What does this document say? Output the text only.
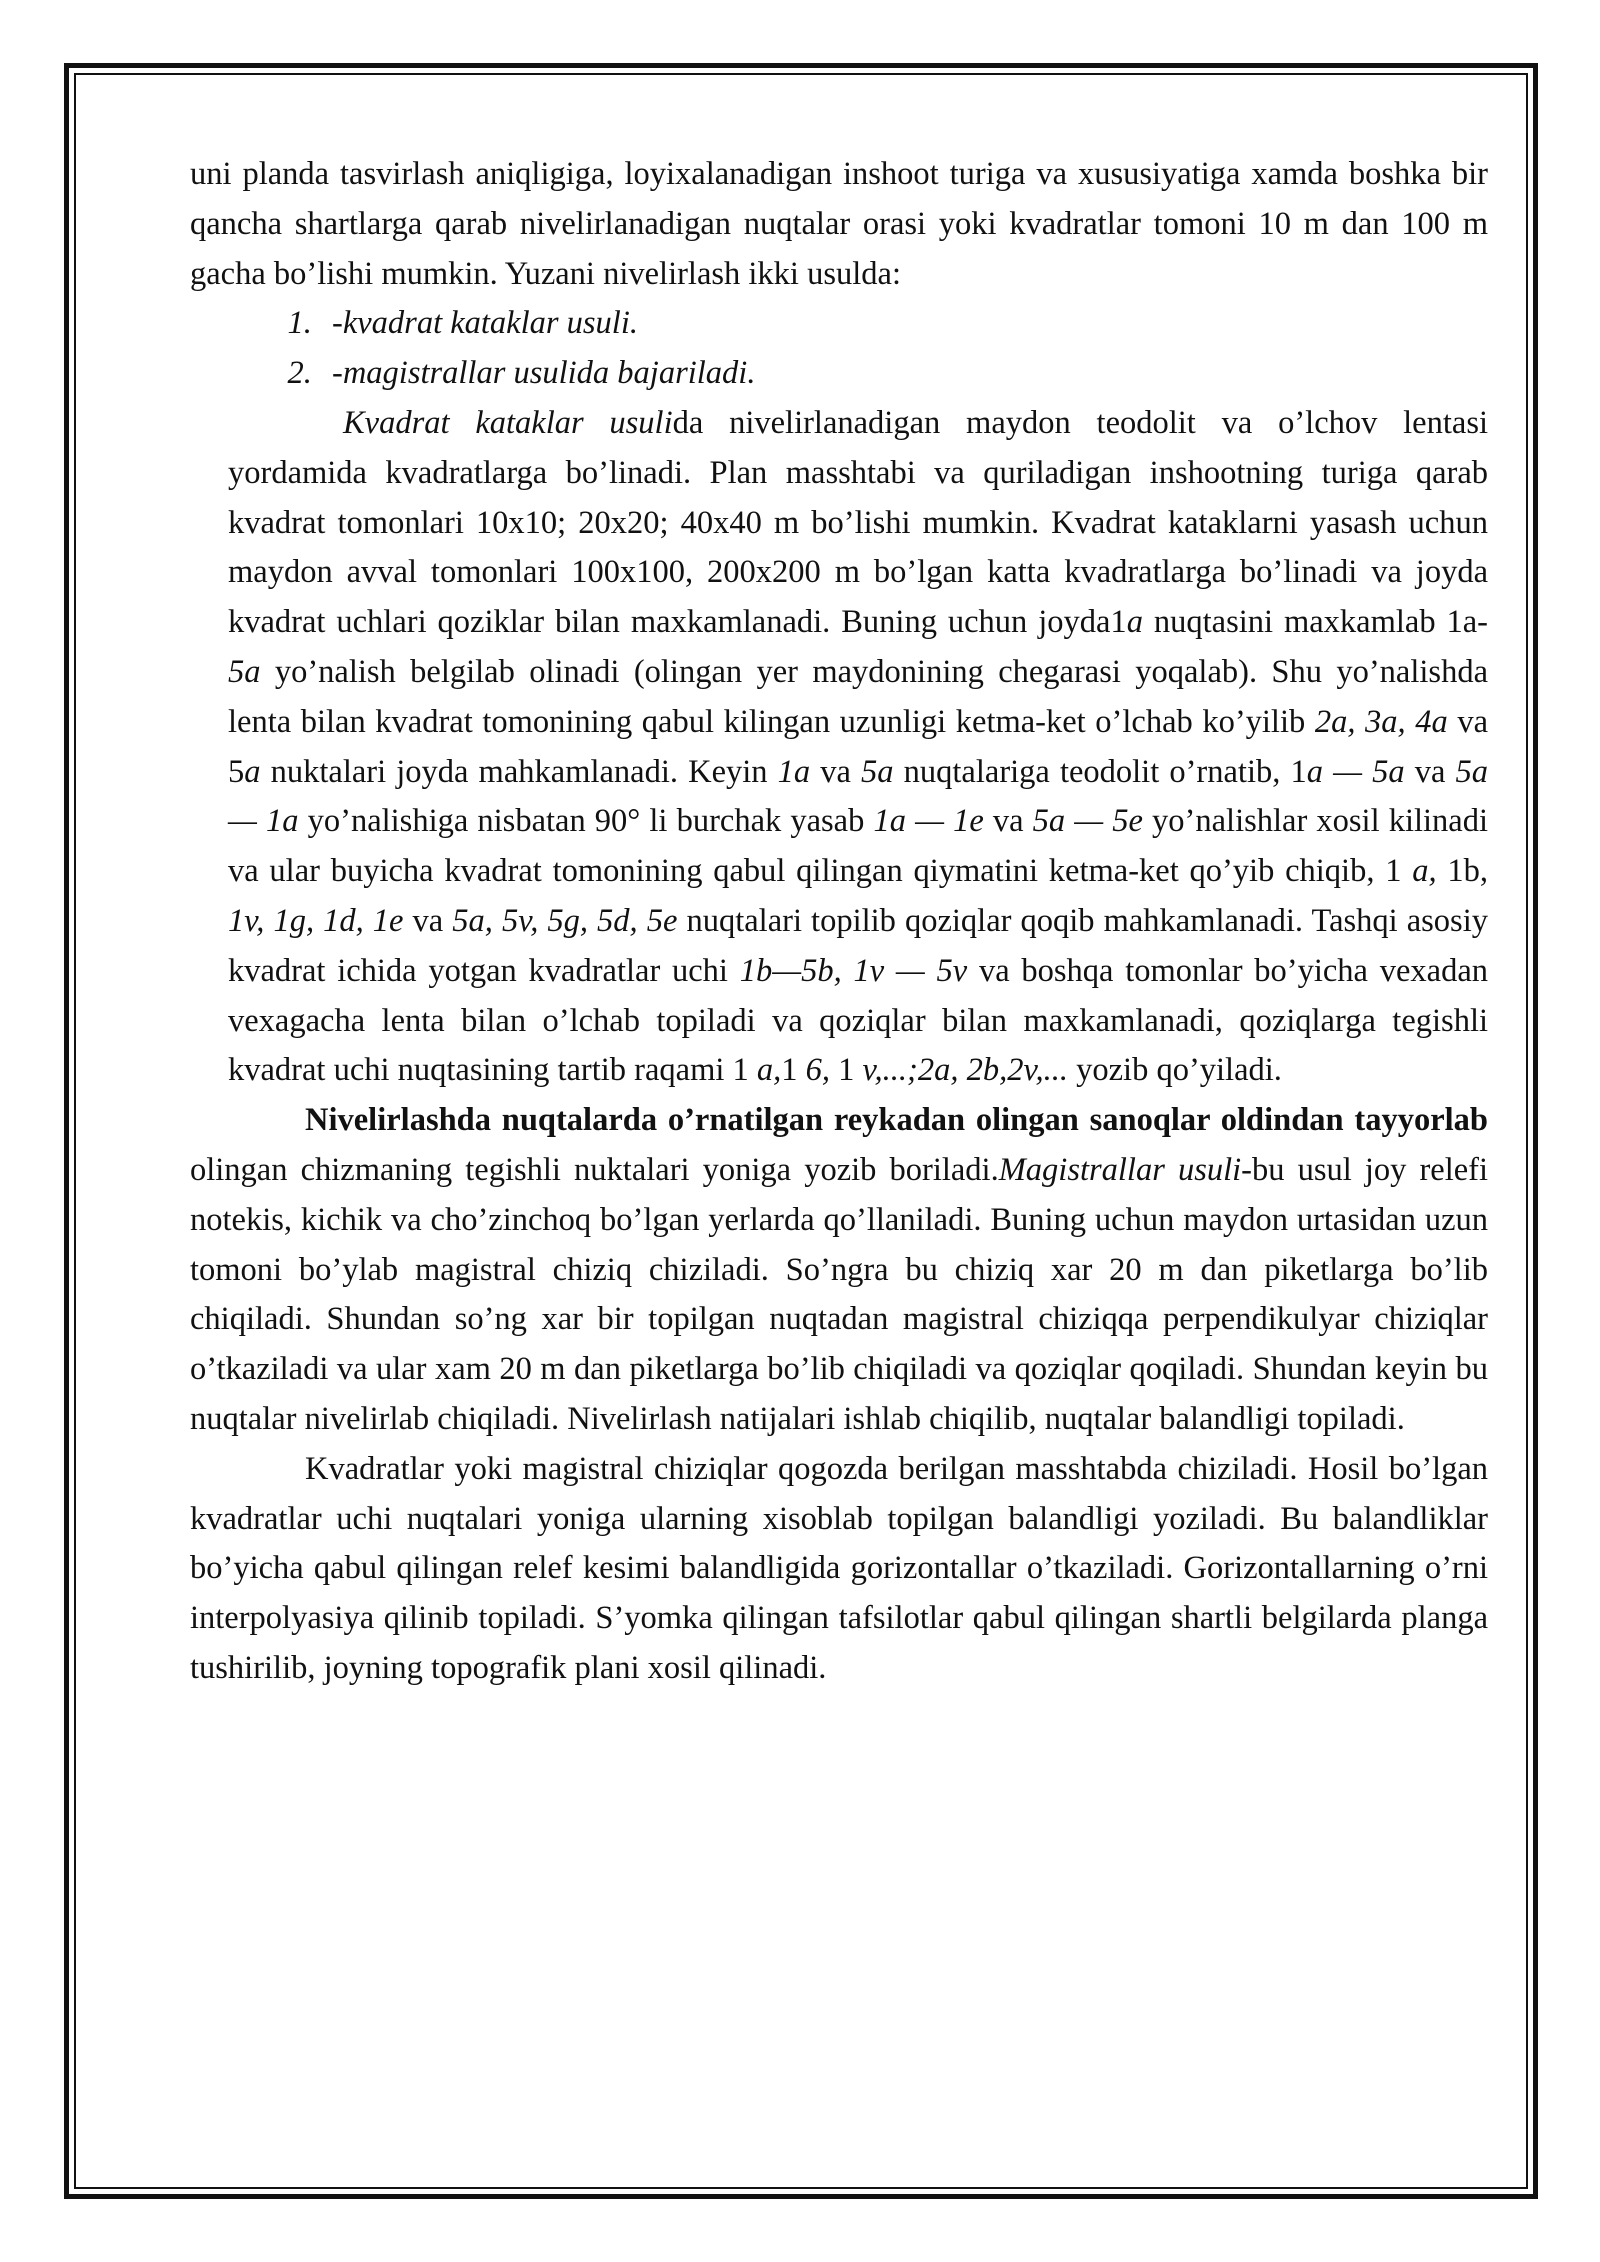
uni planda tasvirlash aniqligiga, loyixalanadigan inshoot turiga va xususiyatiga xamda boshka bir qancha shartlarga qarab nivelirlanadigan nuqtalar orasi yoki kvadratlar tomoni 10 m dan 100 m gacha bo’lishi mumkin. Yuzani nivelirlash ikki usulda:

1. -kvadrat kataklar usuli.
2. -magistrallar usulida bajariladi.

Kvadrat kataklar usulida nivelirlanadigan maydon teodolit va o’lchov lentasi yordamida kvadratlarga bo’linadi. Plan masshtabi va quriladigan inshootning turiga qarab kvadrat tomonlari 10x10; 20x20; 40x40 m bo’lishi mumkin. Kvadrat kataklarni yasash uchun maydon avval tomonlari 100x100, 200x200 m bo’lgan katta kvadratlarga bo’linadi va joyda kvadrat uchlari qoziklar bilan maxkamlanadi. Buning uchun joyda1a nuqtasini maxkamlab 1a- 5a yo’nalish belgilab olinadi (olingan yer maydonining chegarasi yoqalab). Shu yo’nalishda lenta bilan kvadrat tomonining qabul kilingan uzunligi ketma-ket o’lchab ko’yilib 2a, 3a, 4a va 5a nuktalari joyda mahkamlanadi. Keyin 1a va 5a nuqtalariga teodolit o’rnatib, 1a — 5a va 5a — 1a yo’nalishiga nisbatan 90° li burchak yasab 1a — 1e va 5a — 5e yo’nalishlar xosil kilinadi va ular buyicha kvadrat tomonining qabul qilingan qiymatini ketma-ket qo’yib chiqib, 1 a, 1b, 1v, 1g, 1d, 1e va 5a, 5v, 5g, 5d, 5e nuqtalari topilib qoziqlar qoqib mahkamlanadi. Tashqi asosiy kvadrat ichida yotgan kvadratlar uchi 1b—5b, 1v — 5v va boshqa tomonlar bo’yicha vexadan vexagacha lenta bilan o’lchab topiladi va qoziqlar bilan maxkamlanadi, qoziqlarga tegishli kvadrat uchi nuqtasining tartib raqami 1 a,1 6, 1 v,...;2a, 2b,2v,... yozib qo’yiladi.

Nivelirlashda nuqtalarda o’rnatilgan reykadan olingan sanoqlar oldindan tayyorlab olingan chizmaning tegishli nuktalari yoniga yozib boriladi.Magistrallar usuli-bu usul joy relefi notekis, kichik va cho’zinchoq bo’lgan yerlarda qo’llaniladi. Buning uchun maydon urtasidan uzun tomoni bo’ylab magistral chiziq chiziladi. So’ngra bu chiziq xar 20 m dan piketlarga bo’lib chiqiladi. Shundan so’ng xar bir topilgan nuqtadan magistral chiziqqa perpendikulyar chiziqlar o’tkaziladi va ular xam 20 m dan piketlarga bo’lib chiqiladi va qoziqlar qoqiladi. Shundan keyin bu nuqtalar nivelirlab chiqiladi. Nivelirlash natijalari ishlab chiqilib, nuqtalar balandligi topiladi.

Kvadratlar yoki magistral chiziqlar qogozda berilgan masshtabda chiziladi. Hosil bo’lgan kvadratlar uchi nuqtalari yoniga ularning xisoblab topilgan balandligi yoziladi. Bu balandliklar bo’yicha qabul qilingan relef kesimi balandligida gorizontallar o’tkaziladi. Gorizontallarning o’rni interpolyasiya qilinib topiladi. S’yomka qilingan tafsilotlar qabul qilingan shartli belgilarda planga tushirilib, joyning topografik plani xosil qilinadi.
